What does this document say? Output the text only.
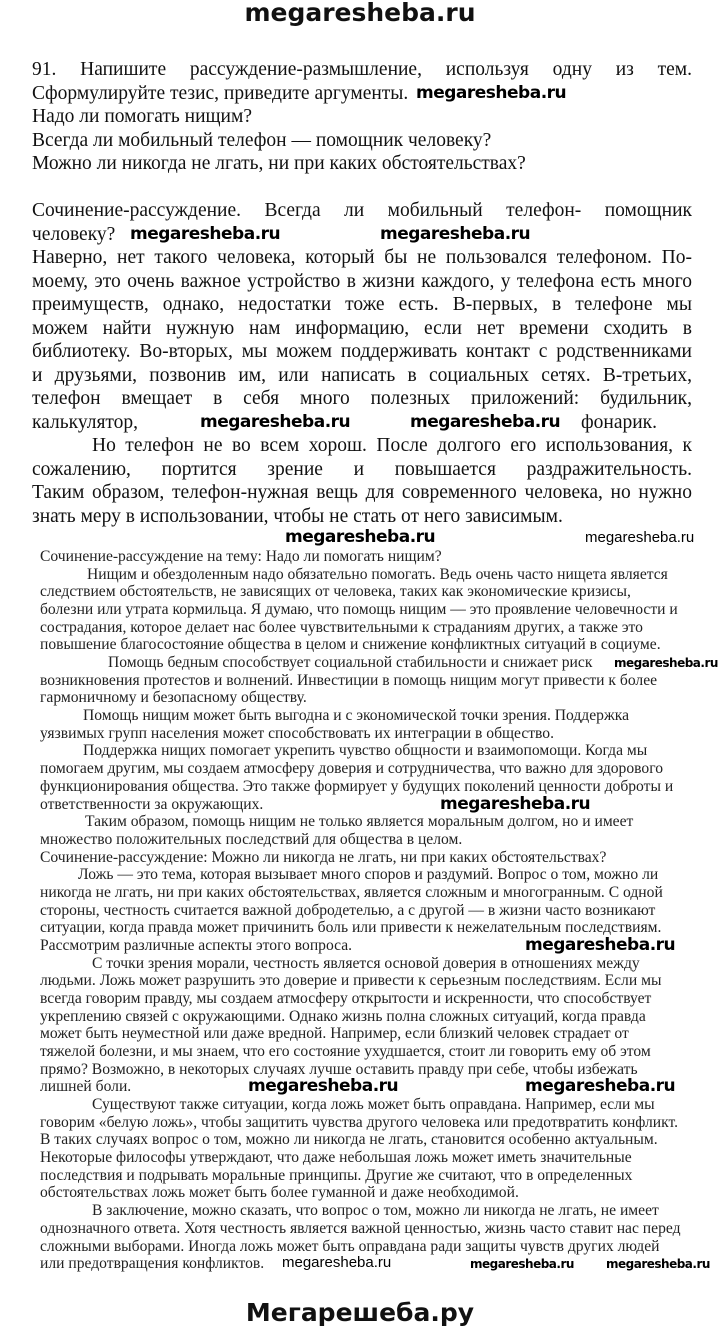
megaresheba.ru
91. Напишите рассуждение-размышление, используя одну из тем.
Сформулируйте тезис, приведите аргументы.
Надо ли помогать нищим?
Всегда ли мобильный телефон — помощник человеку?
Можно ли никогда не лгать, ни при каких обстоятельствах?
Сочинение-рассуждение. Всегда ли мобильный телефон- помощник
человеку?
Наверно, нет такого человека, который бы не пользовался телефоном. По-
моему, это очень важное устройство в жизни каждого, у телефона есть много
преимуществ, однако, недостатки тоже есть. В-первых, в телефоне мы
можем найти нужную нам информацию, если нет времени сходить в
библиотеку. Во-вторых, мы можем поддерживать контакт с родственниками
и друзьями, позвонив им, или написать в социальных сетях. В-третьих,
телефон вмещает в себя много полезных приложений: будильник,
калькулятор,
Но телефон не во всем хорош. После долгого его использования, к
сожалению, портится зрение и повышается раздражительность.
Таким образом, телефон-нужная вещь для современного человека, но нужно
знать меру в использовании, чтобы не стать от него зависимым.
фонарик.
Сочинение-рассуждение на тему: Надо ли помогать нищим?
Нищим и обездоленным надо обязательно помогать. Ведь очень часто нищета является
следствием обстоятельств, не зависящих от человека, таких как экономические кризисы,
болезни или утрата кормильца. Я думаю, что помощь нищим — это проявление человечности и
сострадания, которое делает нас более чувствительными к страданиям других, а также это
повышение благосостояние общества в целом и снижение конфликтных ситуаций в социуме.
Помощь бедным способствует социальной стабильности и снижает риск
возникновения протестов и волнений. Инвестиции в помощь нищим могут привести к более
гармоничному и безопасному обществу.
Помощь нищим может быть выгодна и с экономической точки зрения. Поддержка
уязвимых групп населения может способствовать их интеграции в общество.
Поддержка нищих помогает укрепить чувство общности и взаимопомощи. Когда мы
помогаем другим, мы создаем атмосферу доверия и сотрудничества, что важно для здорового
функционирования общества. Это также формирует у будущих поколений ценности доброты и
ответственности за окружающих.
Таким образом, помощь нищим не только является моральным долгом, но и имеет
множество положительных последствий для общества в целом.
Сочинение-рассуждение: Можно ли никогда не лгать, ни при каких обстоятельствах?
Ложь — это тема, которая вызывает много споров и раздумий. Вопрос о том, можно ли
никогда не лгать, ни при каких обстоятельствах, является сложным и многогранным. С одной
стороны, честность считается важной добродетелью, а с другой — в жизни часто возникают
ситуации, когда правда может причинить боль или привести к нежелательным последствиям.
Рассмотрим различные аспекты этого вопроса.
С точки зрения морали, честность является основой доверия в отношениях между
людьми. Ложь может разрушить это доверие и привести к серьезным последствиям. Если мы
всегда говорим правду, мы создаем атмосферу открытости и искренности, что способствует
укреплению связей с окружающими. Однако жизнь полна сложных ситуаций, когда правда
может быть неуместной или даже вредной. Например, если близкий человек страдает от
тяжелой болезни, и мы знаем, что его состояние ухудшается, стоит ли говорить ему об этом
прямо? Возможно, в некоторых случаях лучше оставить правду при себе, чтобы избежать
лишней боли.
Существуют также ситуации, когда ложь может быть оправдана. Например, если мы
говорим «белую ложь», чтобы защитить чувства другого человека или предотвратить конфликт.
В таких случаях вопрос о том, можно ли никогда не лгать, становится особенно актуальным.
Некоторые философы утверждают, что даже небольшая ложь может иметь значительные
последствия и подрывать моральные принципы. Другие же считают, что в определенных
обстоятельствах ложь может быть более гуманной и даже необходимой.
В заключение, можно сказать, что вопрос о том, можно ли никогда не лгать, не имеет
однозначного ответа. Хотя честность является важной ценностью, жизнь часто ставит нас перед
сложными выборами. Иногда ложь может быть оправдана ради защиты чувств других людей
или предотвращения конфликтов.
megaresheba.ru
megaresheba.ru	megaresheba.ru
megaresheba.ru	megaresheba.ru
megaresheba.ru
megaresheba.ru
megaresheba.ru
megaresheba.ru
megaresheba.ru
megaresheba.ru	megaresheba.ru
megaresheba.ru	megaresheba.ru	megaresheba.ru
Мегарешеба.ру
